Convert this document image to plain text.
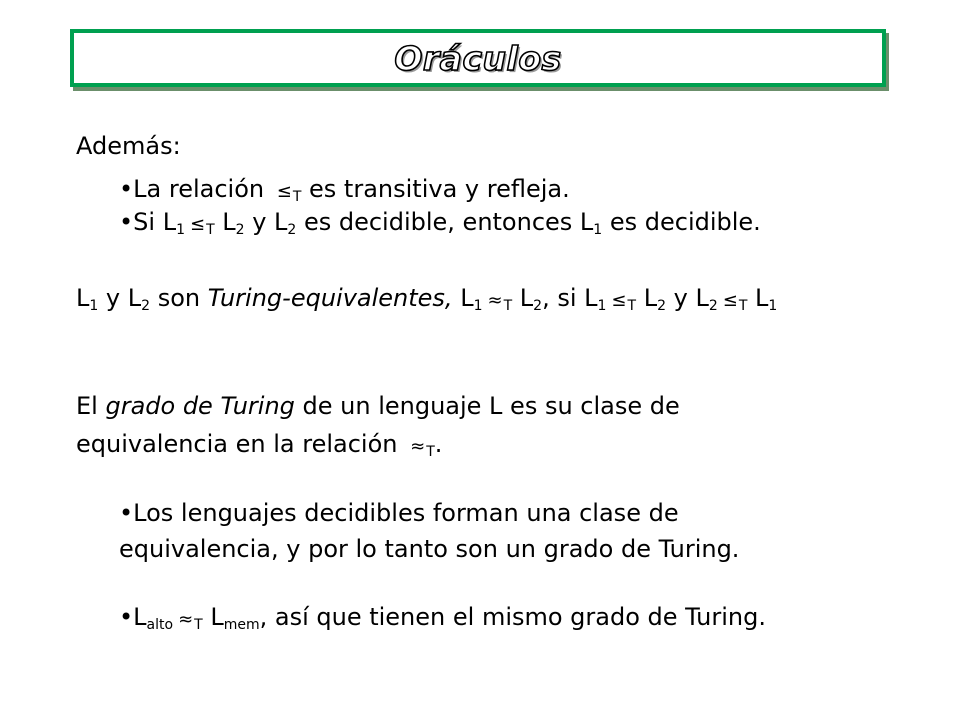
Oráculos
Además:
•La relación $\le_T$ es transitiva y refleja.
•Si $L_1 \le_T$ $L_2$ y $L_2$ es decidible, entonces $L_1$ es decidible.
$L_1$ y $L_2$ son Turing-equivalentes, $L_1 \approx_T$ $L_2$, si $L_1 \le_T$ $L_2$ y $L_2 \le_T$ $L_1$
El grado de Turing de un lenguaje L es su clase de
equivalencia en la relación $\approx_T$.
•Los lenguajes decidibles forman una clase de
equivalencia, y por lo tanto son un grado de Turing.
$•L_{alto} \approx_T$ $L_{mem}$, así que tienen el mismo grado de Turing.
